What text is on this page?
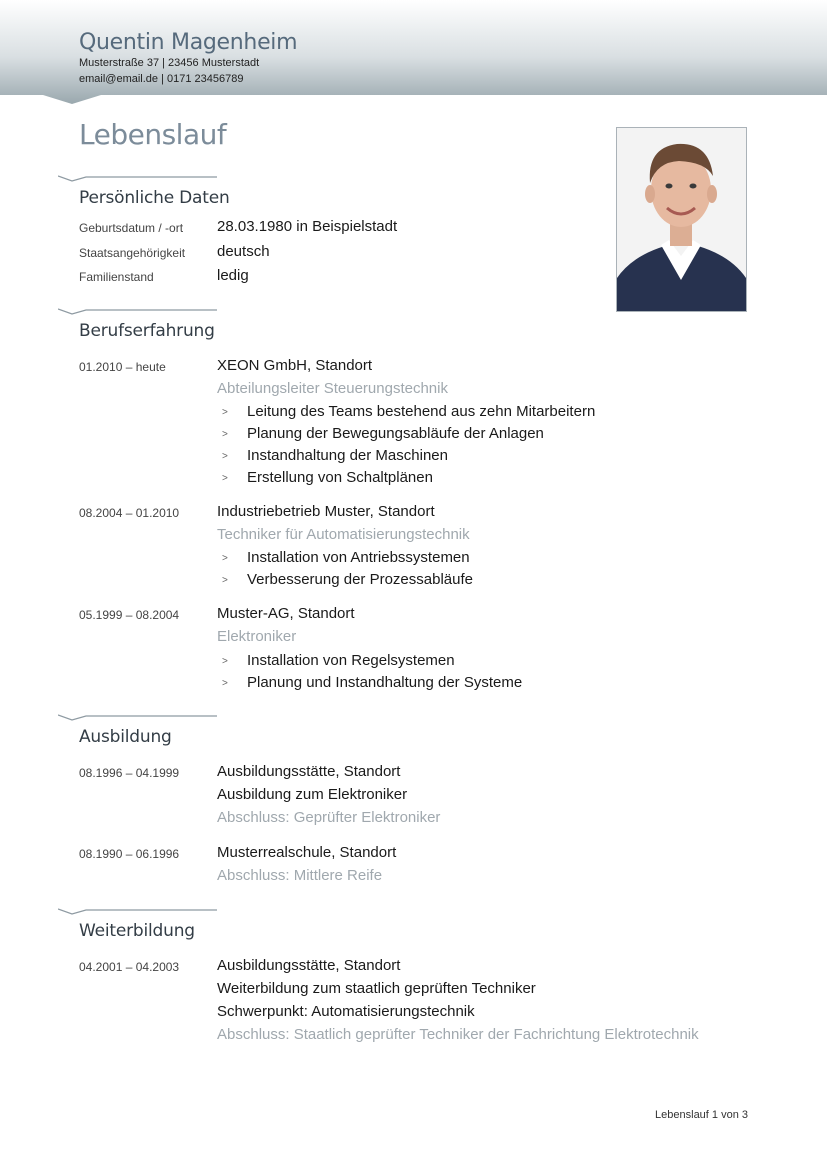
Quentin Magenheim
Musterstraße 37 | 23456 Musterstadt
email@email.de | 0171 23456789
Lebenslauf
Persönliche Daten
Geburtsdatum / -ort 28.03.1980 in Beispielstadt
Staatsangehörigkeit deutsch
Familienstand	ledig
Berufserfahrung
01.2010 – heute	XEON GmbH, Standort
Abteilungsleiter Steuerungstechnik
> Leitung des Teams bestehend aus zehn Mitarbeitern
> Planung der Bewegungsabläufe der Anlagen
> Instandhaltung der Maschinen
> Erstellung von Schaltplänen
08.2004 – 01.2010	Industriebetrieb Muster, Standort
Techniker für Automatisierungstechnik
> Installation von Antriebssystemen
> Verbesserung der Prozessabläufe
05.1999 – 08.2004	Muster-AG, Standort
Elektroniker
> Installation von Regelsystemen
> Planung und Instandhaltung der Systeme
Ausbildung
08.1996 – 04.1999	Ausbildungsstätte, Standort
Ausbildung zum Elektroniker
Abschluss: Geprüfter Elektroniker
08.1990 – 06.1996	Musterrealschule, Standort
Abschluss: Mittlere Reife
Weiterbildung
04.2001 – 04.2003	Ausbildungsstätte, Standort
Weiterbildung zum staatlich geprüften Techniker
Schwerpunkt: Automatisierungstechnik
Abschluss: Staatlich geprüfter Techniker der Fachrichtung Elektrotechnik
Lebenslauf 1 von 3
